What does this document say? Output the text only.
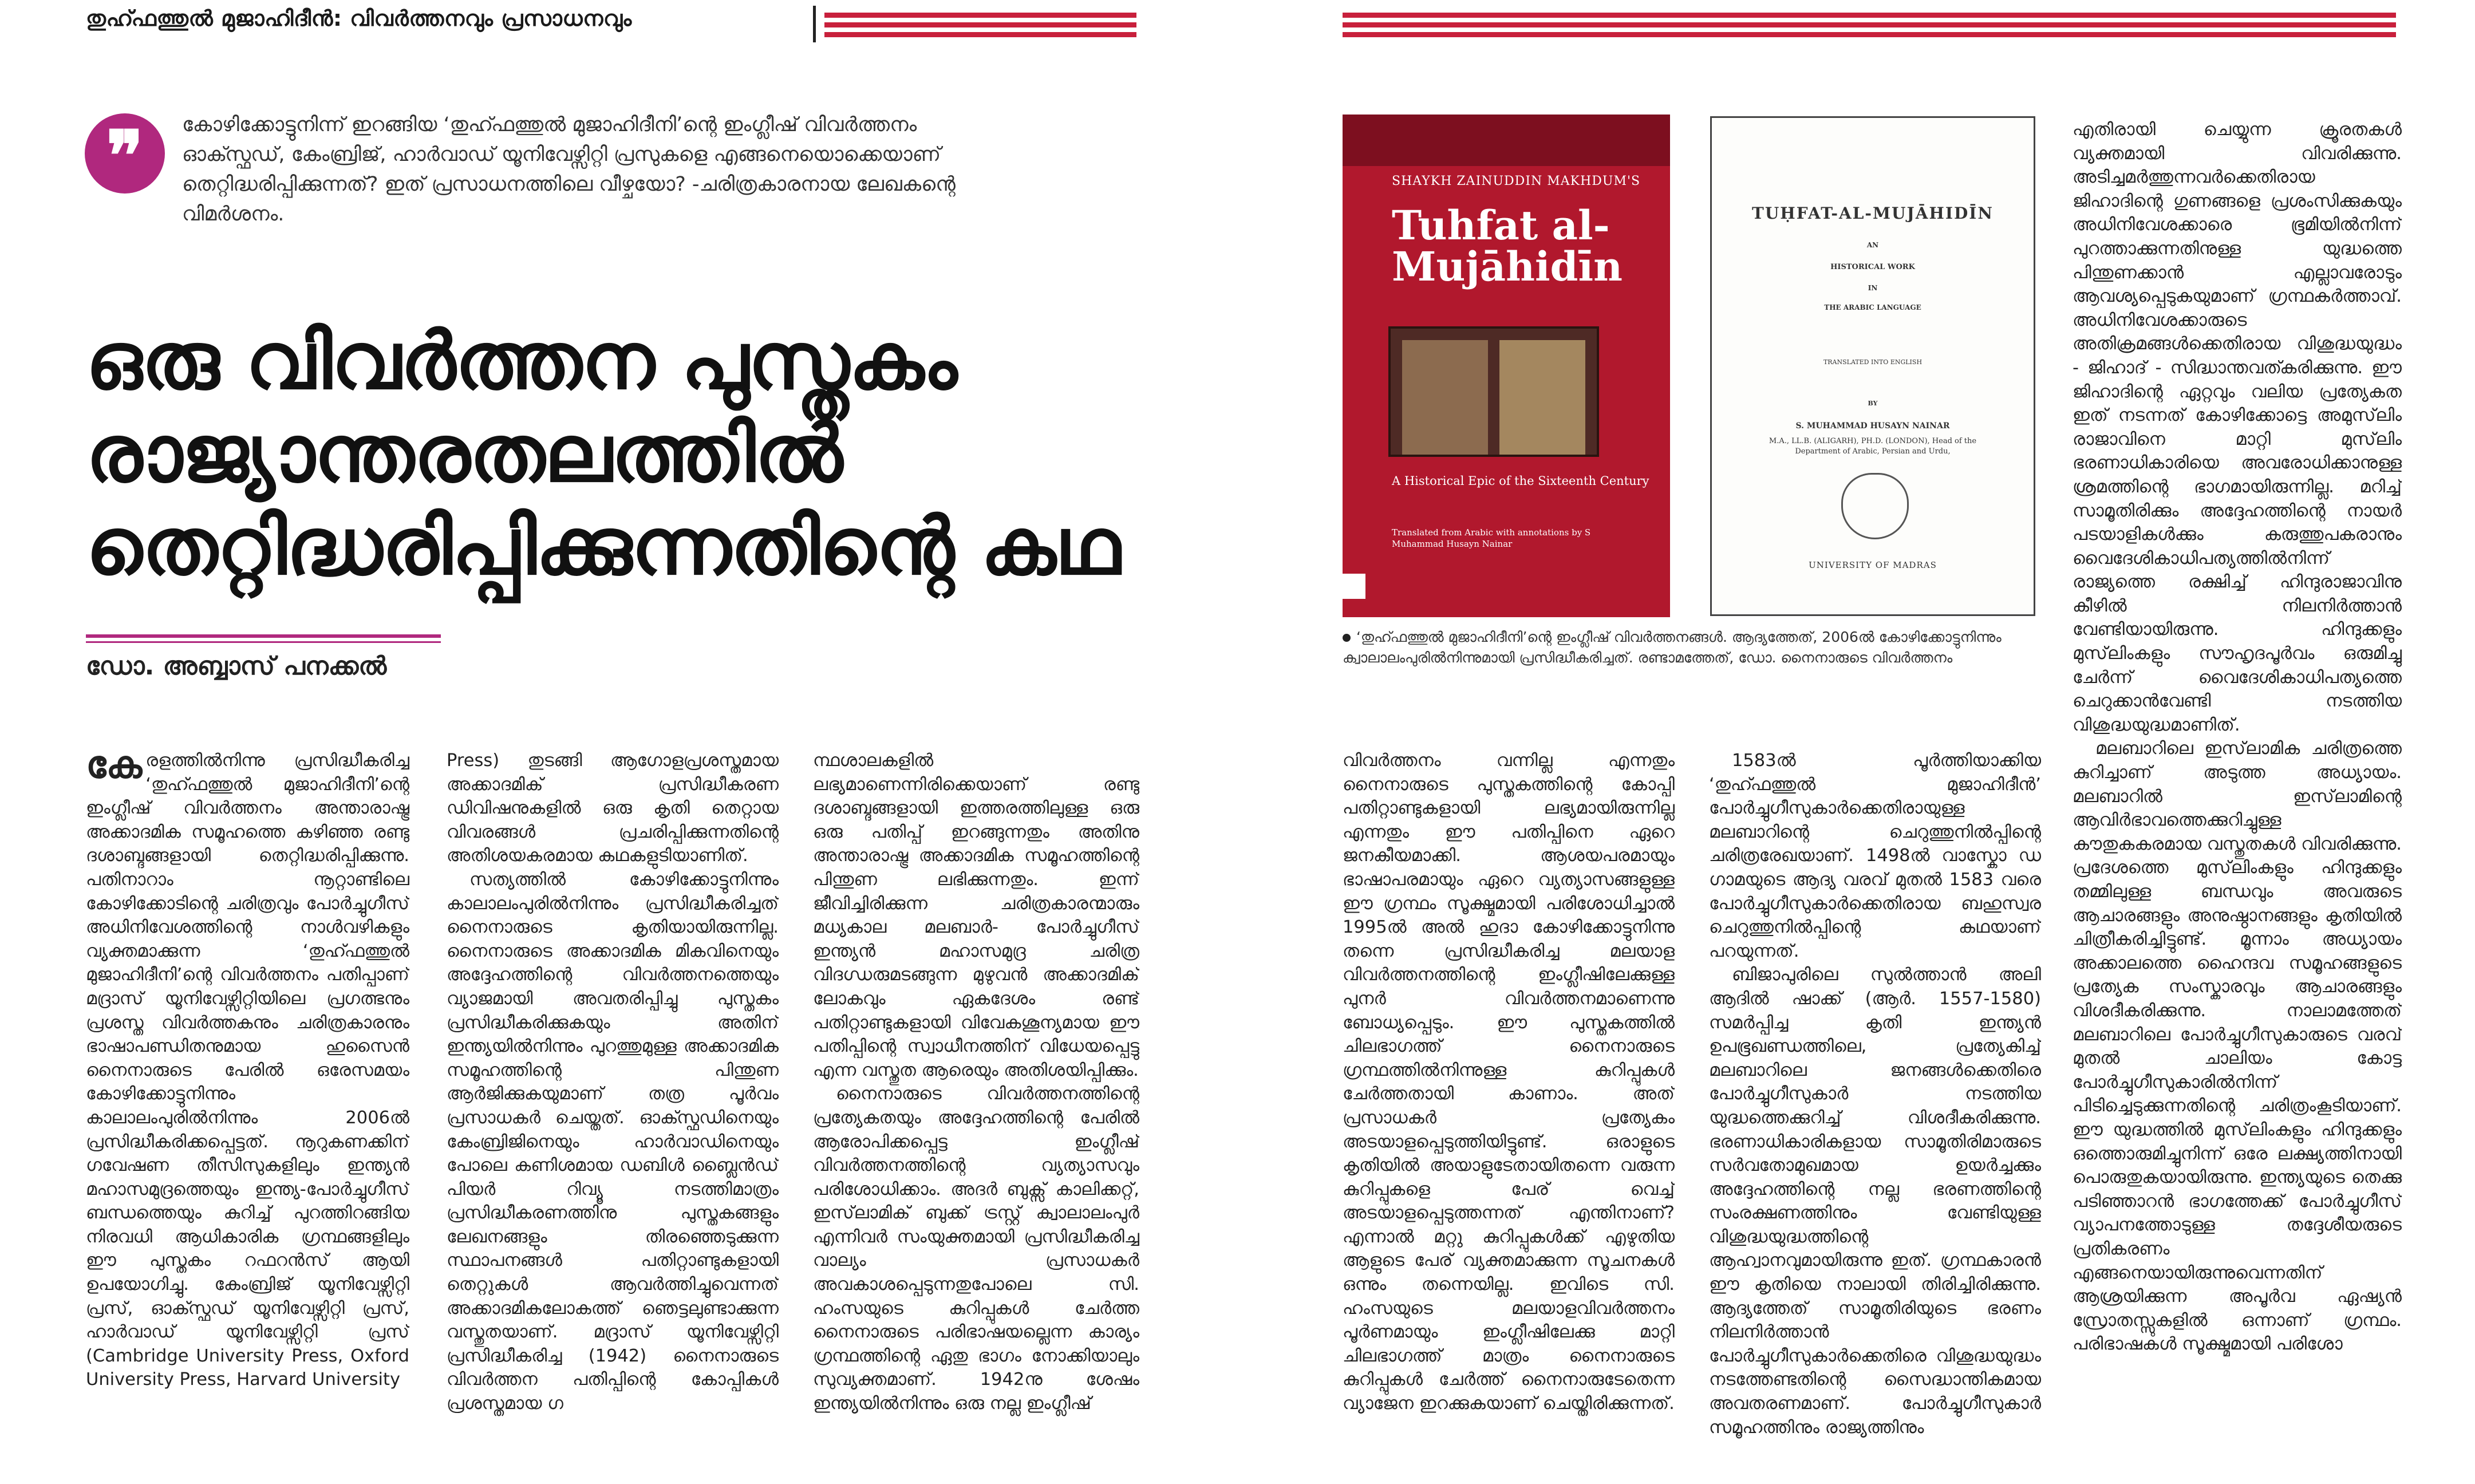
തുഹ്ഫത്തുൽ മുജാഹിദീൻ: വിവർത്തനവും പ്രസാധനവും
❞	കോഴിക്കോട്ടുനിന്ന് ഇറങ്ങിയ ‘തുഹ്ഫത്തുൽ മുജാഹിദീനി’ന്റെ ഇംഗ്ലീഷ് വിവർത്തനം ഓക്സ്ഫഡ്, കേംബ്രിജ്, ഹാർവാഡ് യൂനിവേഴ്സിറ്റി പ്രസുകളെ എങ്ങനെയൊക്കെയാണ് തെറ്റിദ്ധരിപ്പിക്കുന്നത്? ഇത് പ്രസാധനത്തിലെ വീഴ്ചയോ? -ചരിത്രകാരനായ ലേഖകന്റെ വിമർശനം.
ഒരു വിവർത്തന പുസ്തകം രാജ്യാന്തരതലത്തിൽ തെറ്റിദ്ധരിപ്പിക്കുന്നതിന്റെ കഥ
ഡോ. അബ്ബാസ് പനക്കൽ

കേരളത്തിൽനിന്നു പ്രസിദ്ധീകരിച്ച ‘തുഹ്ഫത്തുൽ മുജാഹിദീനി’ന്റെ ഇംഗ്ലീഷ് വിവർത്തനം അന്താരാഷ്ട്ര അക്കാദമിക സമൂഹത്തെ കഴിഞ്ഞ രണ്ടു ദശാബ്ദങ്ങളായി തെറ്റിദ്ധരിപ്പിക്കുന്നു. പതിനാറാം നൂറ്റാണ്ടിലെ കോഴിക്കോടിന്റെ ചരിത്രവും പോർച്ചുഗീസ് അധിനിവേശത്തിന്റെ നാൾവഴികളും വ്യക്തമാക്കുന്ന ‘തുഹ്ഫത്തുൽ മുജാഹിദീനി’ന്റെ വിവർത്തനം പതിപ്പാണ് മദ്രാസ് യൂനിവേഴ്സിറ്റിയിലെ പ്രഗത്ഭനും പ്രശസ്ത വിവർത്തകനും ചരിത്രകാരനും ഭാഷാപണ്ഡിതനുമായ ഹുസൈൻ നൈനാരുടെ പേരിൽ ഒരേസമയം കോഴിക്കോട്ടുനിന്നും കാലാലംപുരിൽനിന്നും 2006ൽ പ്രസിദ്ധീകരിക്കപ്പെട്ടത്. നൂറുകണക്കിന് ഗവേഷണ തീസിസുകളിലും ഇന്ത്യൻ മഹാസമുദ്രത്തെയും ഇന്ത്യ-പോർച്ചുഗീസ് ബന്ധത്തെയും കുറിച്ച് പുറത്തിറങ്ങിയ നിരവധി ആധികാരിക ഗ്രന്ഥങ്ങളിലും ഈ പുസ്തകം റഫറൻസ് ആയി ഉപയോഗിച്ചു. കേംബ്രിജ് യൂനിവേഴ്സിറ്റി പ്രസ്, ഓക്സ്ഫഡ് യൂനിവേഴ്സിറ്റി പ്രസ്, ഹാർവാഡ് യൂനിവേഴ്സിറ്റി പ്രസ് (Cambridge University Press, Oxford University Press, Harvard University

Press) തുടങ്ങി ആഗോളപ്രശസ്തമായ അക്കാദമിക് പ്രസിദ്ധീകരണ ഡിവിഷനുകളിൽ ഒരു കൃതി തെറ്റായ വിവരങ്ങൾ പ്രചരിപ്പിക്കുന്നതിന്റെ അതിശയകരമായ കഥകളുടിയാണിത്.

സത്യത്തിൽ കോഴിക്കോട്ടുനിന്നും കാലാലംപുരിൽനിന്നും പ്രസിദ്ധീകരിച്ചത് നൈനാരുടെ കൃതിയായിരുന്നില്ല. നൈനാരുടെ അക്കാദമിക മികവിനെയും അദ്ദേഹത്തിന്റെ വിവർത്തനത്തെയും വ്യാജമായി അവതരിപ്പിച്ചു പുസ്തകം പ്രസിദ്ധീകരിക്കുകയും അതിന് ഇന്ത്യയിൽനിന്നും പുറത്തുമുള്ള അക്കാദമിക സമൂഹത്തിന്റെ പിന്തുണ ആർജിക്കുകയുമാണ് തത്ര പൂർവം പ്രസാധകർ ചെയ്തത്. ഓക്സ്ഫഡിനെയും കേംബ്രിജിനെയും ഹാർവാഡിനെയും പോലെ കണിശമായ ഡബിൾ ബ്ലൈൻഡ് പിയർ റിവ്യൂ നടത്തിമാത്രം പ്രസിദ്ധീകരണത്തിനു പുസ്തകങ്ങളും ലേഖനങ്ങളും തിരഞ്ഞെടുക്കുന്ന സ്ഥാപനങ്ങൾ പതിറ്റാണ്ടുകളായി തെറ്റുകൾ ആവർത്തിച്ചുവെന്നത് അക്കാദമികലോകത്ത് ഞെട്ടലുണ്ടാക്കുന്ന വസ്തുതയാണ്. മദ്രാസ് യൂനിവേഴ്സിറ്റി പ്രസിദ്ധീകരിച്ച (1942) നൈനാരുടെ വിവർത്തന പതിപ്പിന്റെ കോപ്പികൾ പ്രശസ്തമായ ഗ

ന്ഥശാലകളിൽ ലഭ്യമാണെന്നിരിക്കെയാണ് രണ്ടു ദശാബ്ദങ്ങളായി ഇത്തരത്തിലുള്ള ഒരു ഒരു പതിപ്പ് ഇറങ്ങുന്നതും അതിനു അന്താരാഷ്ട്ര അക്കാദമിക സമൂഹത്തിന്റെ പിന്തുണ ലഭിക്കുന്നതും. ഇന്ന് ജീവിച്ചിരിക്കുന്ന ചരിത്രകാരന്മാരും മധ്യകാല മലബാർ- പോർച്ചുഗീസ് ഇന്ത്യൻ മഹാസമുദ്ര ചരിത്ര വിദഗ്ധരുമടങ്ങുന്ന മുഴുവൻ അക്കാദമിക് ലോകവും ഏകദേശം രണ്ട് പതിറ്റാണ്ടുകളായി വിവേകശൂന്യമായ ഈ പതിപ്പിന്റെ സ്വാധീനത്തിന് വിധേയപ്പെട്ടു എന്ന വസ്തുത ആരെയും അതിശയിപ്പിക്കും.

നൈനാരുടെ വിവർത്തനത്തിന്റെ പ്രത്യേകതയും അദ്ദേഹത്തിന്റെ പേരിൽ ആരോപിക്കപ്പെട്ട ഇംഗ്ലീഷ് വിവർത്തനത്തിന്റെ വ്യത്യാസവും പരിശോധിക്കാം. അദർ ബുക്സ് കാലിക്കറ്റ്, ഇസ്‌ലാമിക് ബുക്ക് ട്രസ്റ്റ് ക്വാലാലംപുർ എന്നിവർ സംയുക്തമായി പ്രസിദ്ധീകരിച്ച വാല്യം പ്രസാധകർ അവകാശപ്പെടുന്നതുപോലെ സി. ഹംസയുടെ കുറിപ്പുകൾ ചേർത്ത നൈനാരുടെ പരിഭാഷയല്ലെന്ന കാര്യം ഗ്രന്ഥത്തിന്റെ ഏതു ഭാഗം നോക്കിയാലും സുവ്യക്തമാണ്. 1942നു ശേഷം ഇന്ത്യയിൽനിന്നും ഒരു നല്ല ഇംഗ്ലീഷ്

SHAYKH ZAINUDDIN MAKHDUM'S
Tuhfat al-Mujāhidīn
A Historical Epic of the Sixteenth Century
Translated from Arabic with annotations by S Muhammad Husayn Nainar
TUḤFAT-AL-MUJĀHIDĪN
AN
HISTORICAL WORK
IN
THE ARABIC LANGUAGE
TRANSLATED INTO ENGLISH
BY
S. MUHAMMAD HUSAYN NAINAR
M.A., LL.B. (ALIGARH), PH.D. (LONDON), Head of the Department of Arabic, Persian and Urdu,
UNIVERSITY OF MADRAS
‘തുഹ്ഫത്തുൽ മുജാഹിദീനി’ന്റെ ഇംഗ്ലീഷ് വിവർത്തനങ്ങൾ. ആദ്യത്തേത്, 2006ൽ കോഴിക്കോട്ടുനിന്നും ക്വാലാലംപുരിൽനിന്നുമായി പ്രസിദ്ധീകരിച്ചത്. രണ്ടാമത്തേത്, ഡോ. നൈനാരുടെ വിവർത്തനം

വിവർത്തനം വന്നില്ല എന്നതും നൈനാരുടെ പുസ്തകത്തിന്റെ കോപ്പി പതിറ്റാണ്ടുകളായി ലഭ്യമായിരുന്നില്ല എന്നതും ഈ പതിപ്പിനെ ഏറെ ജനകീയമാക്കി. ആശയപരമായും ഭാഷാപരമായും ഏറെ വ്യത്യാസങ്ങളുള്ള ഈ ഗ്രന്ഥം സൂക്ഷ്മമായി പരിശോധിച്ചാൽ 1995ൽ അൽ ഹുദാ കോഴിക്കോട്ടുനിന്നു തന്നെ പ്രസിദ്ധീകരിച്ച മലയാള വിവർത്തനത്തിന്റെ ഇംഗ്ലീഷിലേക്കുള്ള പുനർ വിവർത്തനമാണെന്നു ബോധ്യപ്പെടും. ഈ പുസ്തകത്തിൽ ചിലഭാഗത്ത് നൈനാരുടെ ഗ്രന്ഥത്തിൽനിന്നുള്ള കുറിപ്പുകൾ ചേർത്തതായി കാണാം. അത് പ്രസാധകർ പ്രത്യേകം അടയാളപ്പെടുത്തിയിട്ടുണ്ട്. ഒരാളുടെ കൃതിയിൽ അയാളുടേതായിതന്നെ വരുന്ന കുറിപ്പുകളെ പേര് വെച്ച് അടയാളപ്പെടുത്തന്നത് എന്തിനാണ്? എന്നാൽ മറ്റു കുറിപ്പുകൾക്ക് എഴുതിയ ആളുടെ പേര് വ്യക്തമാക്കുന്ന സൂചനകൾ ഒന്നും തന്നെയില്ല. ഇവിടെ സി. ഹംസയുടെ മലയാളവിവർത്തനം പൂർണമായും ഇംഗ്ലീഷിലേക്കു മാറ്റി ചിലഭാഗത്ത് മാത്രം നൈനാരുടെ കുറിപ്പുകൾ ചേർത്ത് നൈനാരുടേതെന്ന വ്യാജേന ഇറക്കുകയാണ് ചെയ്തിരിക്കുന്നത്.

1583ൽ പൂർത്തിയാക്കിയ ‘തുഹ്ഫത്തുൽ മുജാഹിദീൻ’ പോർച്ചുഗീസുകാർക്കെതിരായുള്ള മലബാറിന്റെ ചെറുത്തുനിൽപ്പിന്റെ ചരിത്രരേഖയാണ്. 1498ൽ വാസ്കോ ഡ ഗാമയുടെ ആദ്യ വരവ് മുതൽ 1583 വരെ പോർച്ചുഗീസുകാർക്കെതിരായ ബഹുസ്വര ചെറുത്തുനിൽപ്പിന്റെ കഥയാണ് പറയുന്നത്.

ബിജാപുരിലെ സുൽത്താൻ അലി ആദിൽ ഷാക്ക് (ആർ. 1557-1580) സമർപ്പിച്ച കൃതി ഇന്ത്യൻ ഉപഭൂഖണ്ഡത്തിലെ, പ്രത്യേകിച്ച് മലബാറിലെ ജനങ്ങൾക്കെതിരെ പോർച്ചുഗീസുകാർ നടത്തിയ യുദ്ധത്തെക്കുറിച്ച് വിശദീകരിക്കുന്നു. ഭരണാധികാരികളായ സാമൂതിരിമാരുടെ സർവതോമുഖമായ ഉയർച്ചക്കും അദ്ദേഹത്തിന്റെ നല്ല ഭരണത്തിന്റെ സംരക്ഷണത്തിനും വേണ്ടിയുള്ള വിശുദ്ധയുദ്ധത്തിന്റെ ആഹ്വാനവുമായിരുന്നു ഇത്. ഗ്രന്ഥകാരൻ ഈ കൃതിയെ നാലായി തിരിച്ചിരിക്കുന്നു. ആദ്യത്തേത് സാമൂതിരിയുടെ ഭരണം നിലനിർത്താൻ പോർച്ചുഗീസുകാർക്കെതിരെ വിശുദ്ധയുദ്ധം നടത്തേണ്ടതിന്റെ സൈദ്ധാന്തികമായ അവതരണമാണ്. പോർച്ചുഗീസുകാർ സമൂഹത്തിനും രാജ്യത്തിനും

എതിരായി ചെയ്യുന്ന ക്രൂരതകൾ വ്യക്തമായി വിവരിക്കുന്നു. അടിച്ചമർത്തുന്നവർക്കെതിരായ ജിഹാദിന്റെ ഗുണങ്ങളെ പ്രശംസിക്കുകയും അധിനിവേശക്കാരെ ഭൂമിയിൽനിന്ന് പുറത്താക്കുന്നതിനുള്ള യുദ്ധത്തെ പിന്തുണക്കാൻ എല്ലാവരോടും ആവശ്യപ്പെടുകയുമാണ് ഗ്രന്ഥകർത്താവ്. അധിനിവേശക്കാരുടെ അതിക്രമങ്ങൾക്കെതിരായ വിശുദ്ധയുദ്ധം - ജിഹാദ് - സിദ്ധാന്തവത്കരിക്കുന്നു. ഈ ജിഹാദിന്റെ ഏറ്റവും വലിയ പ്രത്യേകത ഇത് നടന്നത് കോഴിക്കോട്ടെ അമുസ്‌ലിം രാജാവിനെ മാറ്റി മുസ്‌ലിം ഭരണാധികാരിയെ അവരോധിക്കാനുള്ള ശ്രമത്തിന്റെ ഭാഗമായിരുന്നില്ല. മറിച്ച് സാമൂതിരിക്കും അദ്ദേഹത്തിന്റെ നായർ പടയാളികൾക്കും കരുത്തുപകരാനും വൈദേശികാധിപത്യത്തിൽനിന്ന് രാജ്യത്തെ രക്ഷിച്ച് ഹിന്ദുരാജാവിനു കീഴിൽ നിലനിർത്താൻ വേണ്ടിയായിരുന്നു. ഹിന്ദുക്കളും മുസ്‌ലിംകളും സൗഹൃദപൂർവം ഒരുമിച്ചു ചേർന്ന് വൈദേശികാധിപത്യത്തെ ചെറുക്കാൻവേണ്ടി നടത്തിയ വിശുദ്ധയുദ്ധമാണിത്.

മലബാറിലെ ഇസ്‌ലാമിക ചരിത്രത്തെ കുറിച്ചാണ് അടുത്ത അധ്യായം. മലബാറിൽ ഇസ്‌ലാമിന്റെ ആവിർഭാവത്തെക്കുറിച്ചുള്ള കൗതുകകരമായ വസ്തുതകൾ വിവരിക്കുന്നു. പ്രദേശത്തെ മുസ്‌ലിംകളും ഹിന്ദുക്കളും തമ്മിലുള്ള ബന്ധവും അവരുടെ ആചാരങ്ങളും അനുഷ്ഠാനങ്ങളും കൃതിയിൽ ചിത്രീകരിച്ചിട്ടുണ്ട്. മൂന്നാം അധ്യായം അക്കാലത്തെ ഹൈന്ദവ സമൂഹങ്ങളുടെ പ്രത്യേക സംസ്കാരവും ആചാരങ്ങളും വിശദീകരിക്കുന്നു. നാലാമത്തേത് മലബാറിലെ പോർച്ചുഗീസുകാരുടെ വരവ് മുതൽ ചാലിയം കോട്ട പോർച്ചുഗീസുകാരിൽനിന്ന് പിടിച്ചെടുക്കുന്നതിന്റെ ചരിത്രംകൂടിയാണ്. ഈ യുദ്ധത്തിൽ മുസ്‌ലിംകളും ഹിന്ദുക്കളും ഒത്തൊരുമിച്ചുനിന്ന് ഒരേ ലക്ഷ്യത്തിനായി പൊരുതുകയായിരുന്നു. ഇന്ത്യയുടെ തെക്കു പടിഞ്ഞാറൻ ഭാഗത്തേക്ക് പോർച്ചുഗീസ് വ്യാപനത്തോടുള്ള തദ്ദേശീയരുടെ പ്രതികരണം എങ്ങനെയായിരുന്നുവെന്നതിന് ആശ്രയിക്കുന്ന അപൂർവ ഏഷ്യൻ സ്രോതസ്സുകളിൽ ഒന്നാണ് ഗ്രന്ഥം. പരിഭാഷകൾ സൂക്ഷ്മമായി പരിശോ
